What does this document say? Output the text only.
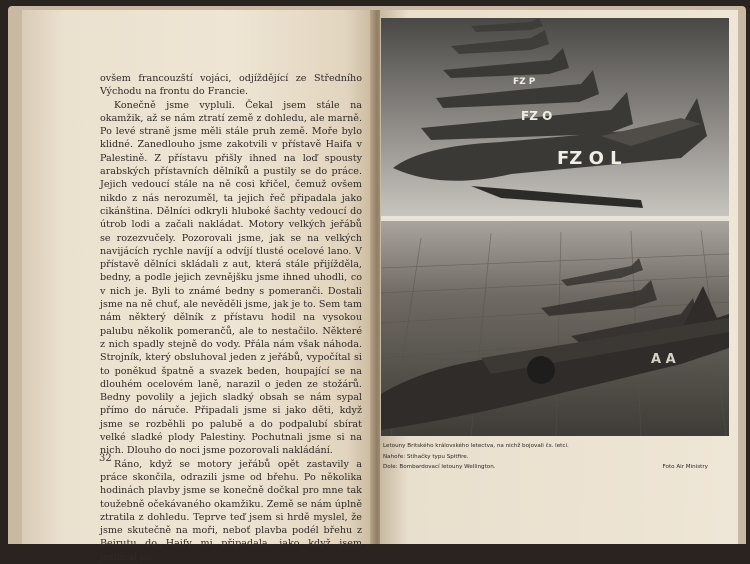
ovšem francouzští vojáci, odjíždějící ze Středního Východu na frontu do Francie.

Konečně jsme vypluli. Čekal jsem stále na okamžik, až se nám ztratí země z dohledu, ale marně. Po levé straně jsme měli stále pruh země. Moře bylo klidné. Zanedlouho jsme zakotvili v přístavě Haifa v Palestině. Z přístavu přišly ihned na loď spousty arabských přístavních dělníků a pustily se do práce. Jejich vedoucí stále na ně cosi křičel, čemuž ovšem nikdo z nás nerozuměl, ta jejich řeč připadala jako cikánština. Dělníci odkryli hluboké šachty vedoucí do útrob lodi a začali nakládat. Motory velkých jeřábů se rozezvučely. Pozorovali jsme, jak se na velkých navijácích rychle navíjí a odvíjí tlusté ocelové lano. V přístavě dělníci skládali z aut, která stále přijížděla, bedny, a podle jejich zevnějšku jsme ihned uhodli, co v nich je. Byli to známé bedny s pomeranči. Dostali jsme na ně chuť, ale nevěděli jsme, jak je to. Sem tam nám některý dělník z přístavu hodil na vysokou palubu několik pomerančů, ale to nestačilo. Některé z nich spadly stejně do vody. Přála nám však náhoda. Strojník, který obsluhoval jeden z jeřábů, vypočítal si to poněkud špatně a svazek beden, houpající se na dlouhém ocelovém laně, narazil o jeden ze stožárů. Bedny povolily a jejich sladký obsah se nám sypal přímo do náruče. Připadali jsme si jako děti, když jsme se rozběhli po palubě a do podpalubí sbírat velké sladké plody Palestiny. Pochutnali jsme si na nich. Dlouho do noci jsme pozorovali nakládání.

Ráno, když se motory jeřábů opět zastavily a práce skončila, odrazili jsme od břehu. Po několika hodinách plavby jsme se konečně dočkal pro mne tak toužebně očekávaného okamžiku. Země se nám úplně ztratila z dohledu. Teprve teď jsem si hrdě myslel, že jsme skutečně na moři, neboť plavba podél břehu z Bejrutu do Haify mi připadala, jako když jsem jezdíval po

32
FZ O L
FZ O
FZ P
A A
Letouny Britského královského letectva, na nichž bojovali čs. letci.
Nahoře: Stíhačky typu Spitfire.
Dole: Bombardovací letouny Wellington.	Foto Air Ministry
